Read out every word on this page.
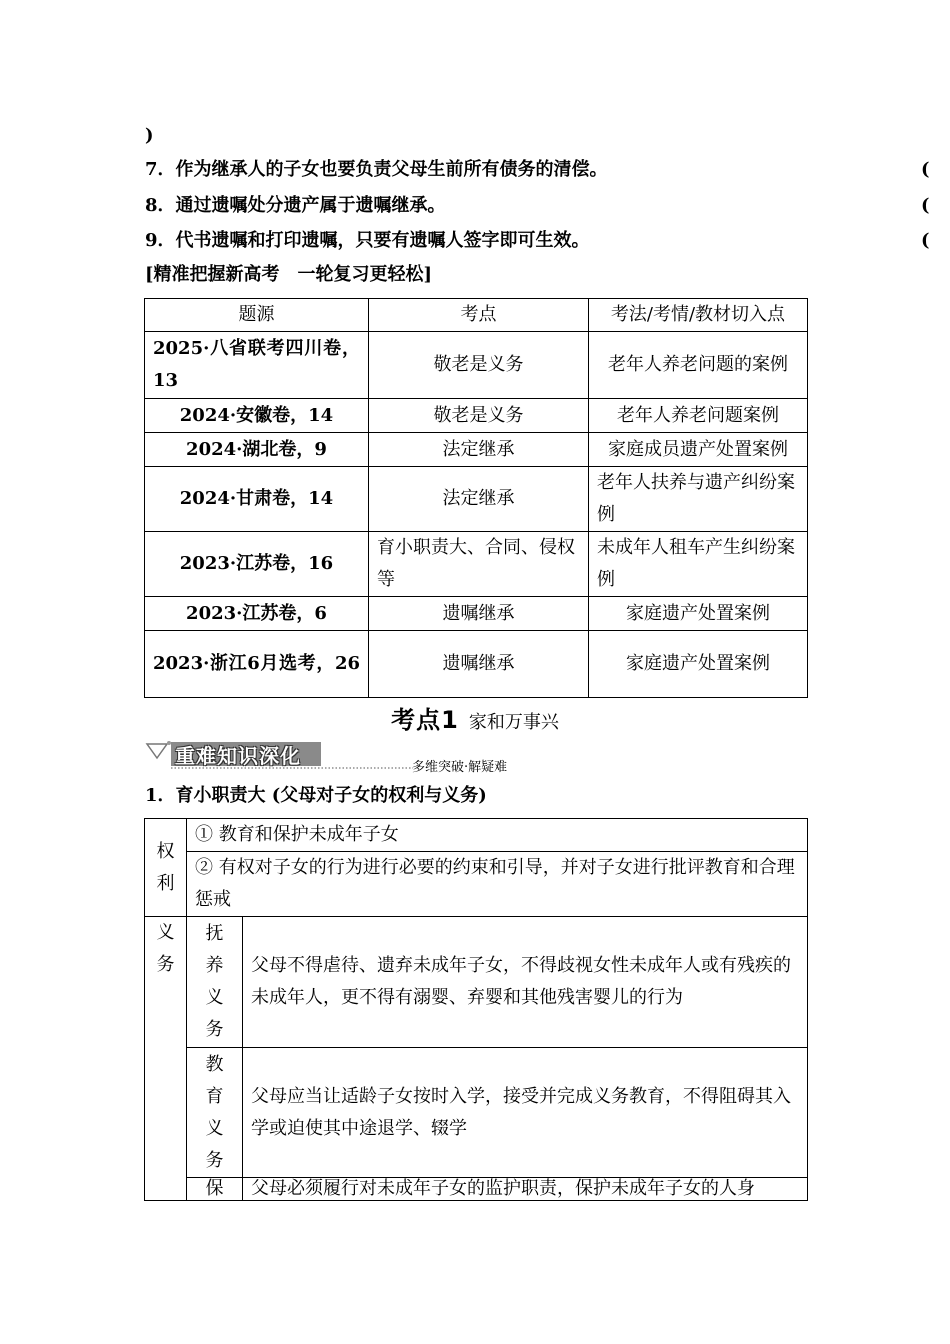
)
7．作为继承人的子女也要负责父母生前所有债务的清偿。	(
8．通过遗嘱处分遗产属于遗嘱继承。	(
9．代书遗嘱和打印遗嘱，只要有遗嘱人签字即可生效。	(
[精准把握新高考　一轮复习更轻松]
题源	考点	考法/考情/教材切入点
2025·八省联考四川卷，13	敬老是义务	老年人养老问题的案例
2024·安徽卷，14	敬老是义务	老年人养老问题案例
2024·湖北卷，9	法定继承	家庭成员遗产处置案例
2024·甘肃卷，14	法定继承	老年人扶养与遗产纠纷案例
2023·江苏卷，16	育小职责大、合同、侵权等	未成年人租车产生纠纷案例
2023·江苏卷，6	遗嘱继承	家庭遗产处置案例
2023·浙江6月选考，26	遗嘱继承	家庭遗产处置案例
考点1 家和万事兴
重难知识深化	多维突破·解疑难
1．育小职责大 (父母对子女的权利与义务)
权利	① 教育和保护未成年子女	
	② 有权对子女的行为进行必要的约束和引导，并对子女进行批评教育和合理惩戒	

义务	抚养义务	父母不得虐待、遗弃未成年子女，不得歧视女性未成年人或有残疾的未成年人，更不得有溺婴、弃婴和其他残害婴儿的行为

	教育义务	父母应当让适龄子女按时入学，接受并完成义务教育，不得阻碍其入学或迫使其中途退学、辍学
	保	父母必须履行对未成年子女的监护职责，保护未成年子女的人身
